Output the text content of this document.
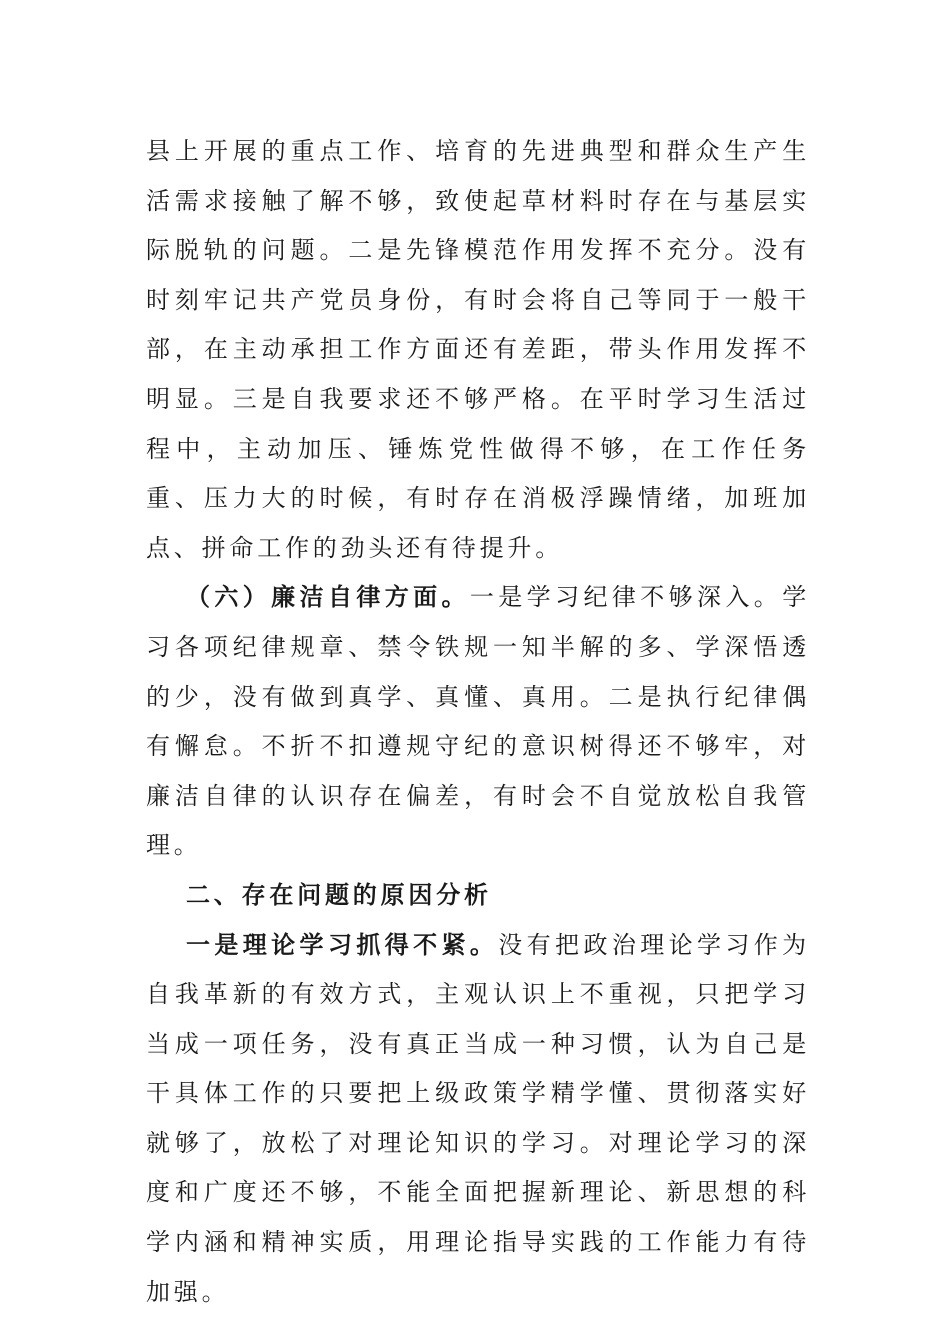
县上开展的重点工作、培育的先进典型和群众生产生活需求接触了解不够，致使起草材料时存在与基层实际脱轨的问题。二是先锋模范作用发挥不充分。没有时刻牢记共产党员身份，有时会将自己等同于一般干部，在主动承担工作方面还有差距，带头作用发挥不明显。三是自我要求还不够严格。在平时学习生活过程中，主动加压、锤炼党性做得不够，在工作任务重、压力大的时候，有时存在消极浮躁情绪，加班加点、拼命工作的劲头还有待提升。

（六）廉洁自律方面。一是学习纪律不够深入。学习各项纪律规章、禁令铁规一知半解的多、学深悟透的少，没有做到真学、真懂、真用。二是执行纪律偶有懈怠。不折不扣遵规守纪的意识树得还不够牢，对廉洁自律的认识存在偏差，有时会不自觉放松自我管理。

二、存在问题的原因分析

一是理论学习抓得不紧。没有把政治理论学习作为自我革新的有效方式，主观认识上不重视，只把学习当成一项任务，没有真正当成一种习惯，认为自己是干具体工作的只要把上级政策学精学懂、贯彻落实好就够了，放松了对理论知识的学习。对理论学习的深度和广度还不够，不能全面把握新理论、新思想的科学内涵和精神实质，用理论指导实践的工作能力有待加强。
